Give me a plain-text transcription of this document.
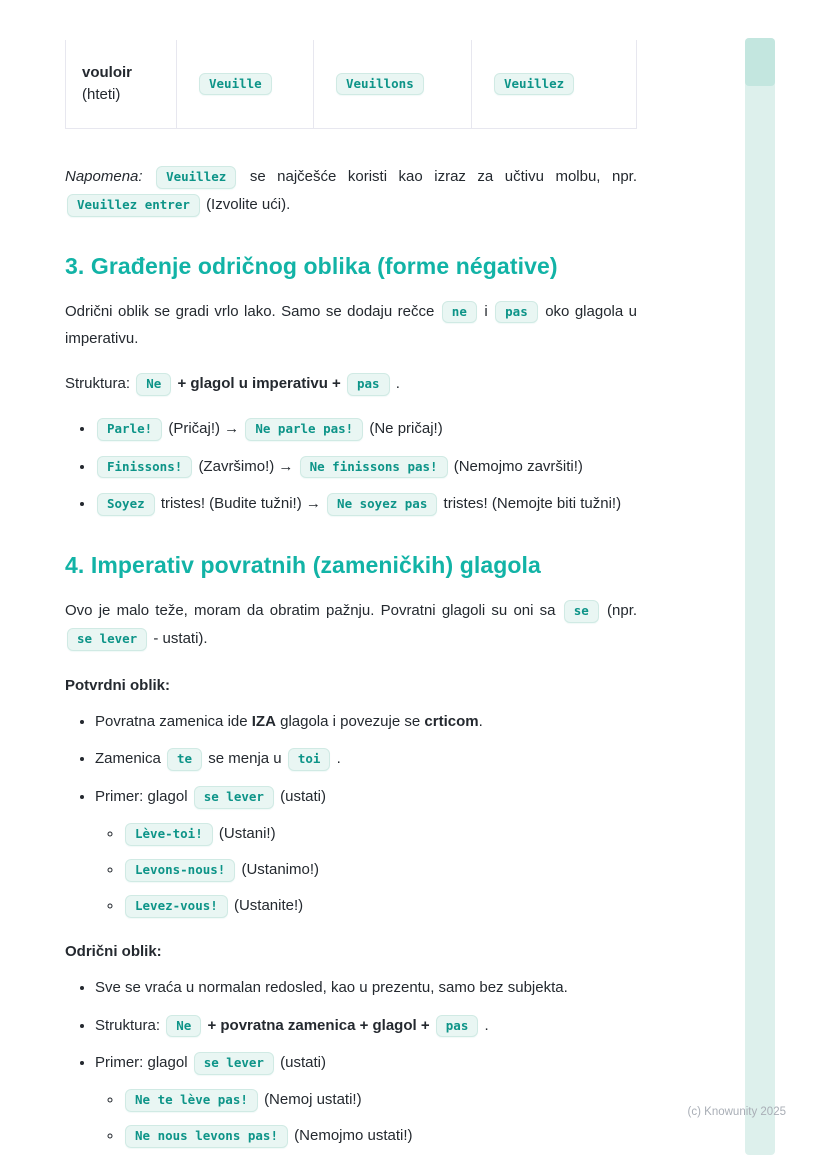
vouloir
(hteti)
Veuille	Veuillons	Veuillez

Napomena: Veuillez se najčešće koristi kao izraz za učtivu molbu, npr. Veuillez entrer (Izvolite ući).

3. Građenje odričnog oblika (forme négative)

Odrični oblik se gradi vrlo lako. Samo se dodaju rečce ne i pas oko glagola u imperativu.

Struktura: Ne + glagol u imperativu + pas .

• Parle! (Pričaj!) → Ne parle pas! (Ne pričaj!)
• Finissons! (Završimo!) → Ne finissons pas! (Nemojmo završiti!)
• Soyez tristes! (Budite tužni!) → Ne soyez pas tristes! (Nemojte biti tužni!)
4. Imperativ povratnih (zameničkih) glagola

Ovo je malo teže, moram da obratim pažnju. Povratni glagoli su oni sa se (npr. se lever - ustati).

Potvrdni oblik:
• Povratna zamenica ide IZA glagola i povezuje se crticom.
• Zamenica te se menja u toi .
• Primer: glagol se lever (ustati)
◦ Lève-toi! (Ustani!)
◦ Levons-nous! (Ustanimo!)
◦ Levez-vous! (Ustanite!)
Odrični oblik:
• Sve se vraća u normalan redosled, kao u prezentu, samo bez subjekta.
• Struktura: Ne + povratna zamenica + glagol + pas .
• Primer: glagol se lever (ustati)
◦ Ne te lève pas! (Nemoj ustati!)
◦ Ne nous levons pas! (Nemojmo ustati!)
(c) Knowunity 2025
